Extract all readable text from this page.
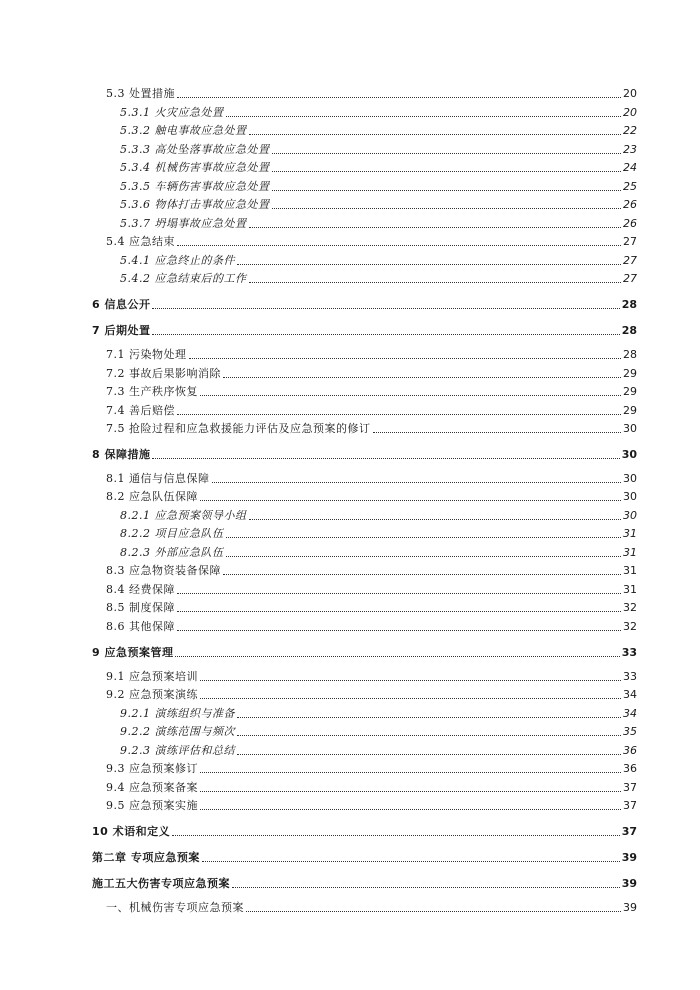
5.3 处置措施	20
5.3.1 火灾应急处置	20
5.3.2 触电事故应急处置	22
5.3.3 高处坠落事故应急处置	23
5.3.4 机械伤害事故应急处置	24
5.3.5 车辆伤害事故应急处置	25
5.3.6 物体打击事故应急处置	26
5.3.7 坍塌事故应急处置	26
5.4 应急结束	27
5.4.1 应急终止的条件	27
5.4.2 应急结束后的工作	27
6 信息公开	28
7 后期处置	28
7.1 污染物处理	28
7.2 事故后果影响消除	29
7.3 生产秩序恢复	29
7.4 善后赔偿	29
7.5 抢险过程和应急救援能力评估及应急预案的修订	30
8 保障措施	30
8.1 通信与信息保障	30
8.2 应急队伍保障	30
8.2.1 应急预案领导小组	30
8.2.2 项目应急队伍	31
8.2.3 外部应急队伍	31
8.3 应急物资装备保障	31
8.4 经费保障	31
8.5 制度保障	32
8.6 其他保障	32
9 应急预案管理	33
9.1 应急预案培训	33
9.2 应急预案演练	34
9.2.1 演练组织与准备	34
9.2.2 演练范围与频次	35
9.2.3 演练评估和总结	36
9.3 应急预案修订	36
9.4 应急预案备案	37
9.5 应急预案实施	37
10 术语和定义	37
第二章 专项应急预案	39
施工五大伤害专项应急预案	39
一、机械伤害专项应急预案	39
